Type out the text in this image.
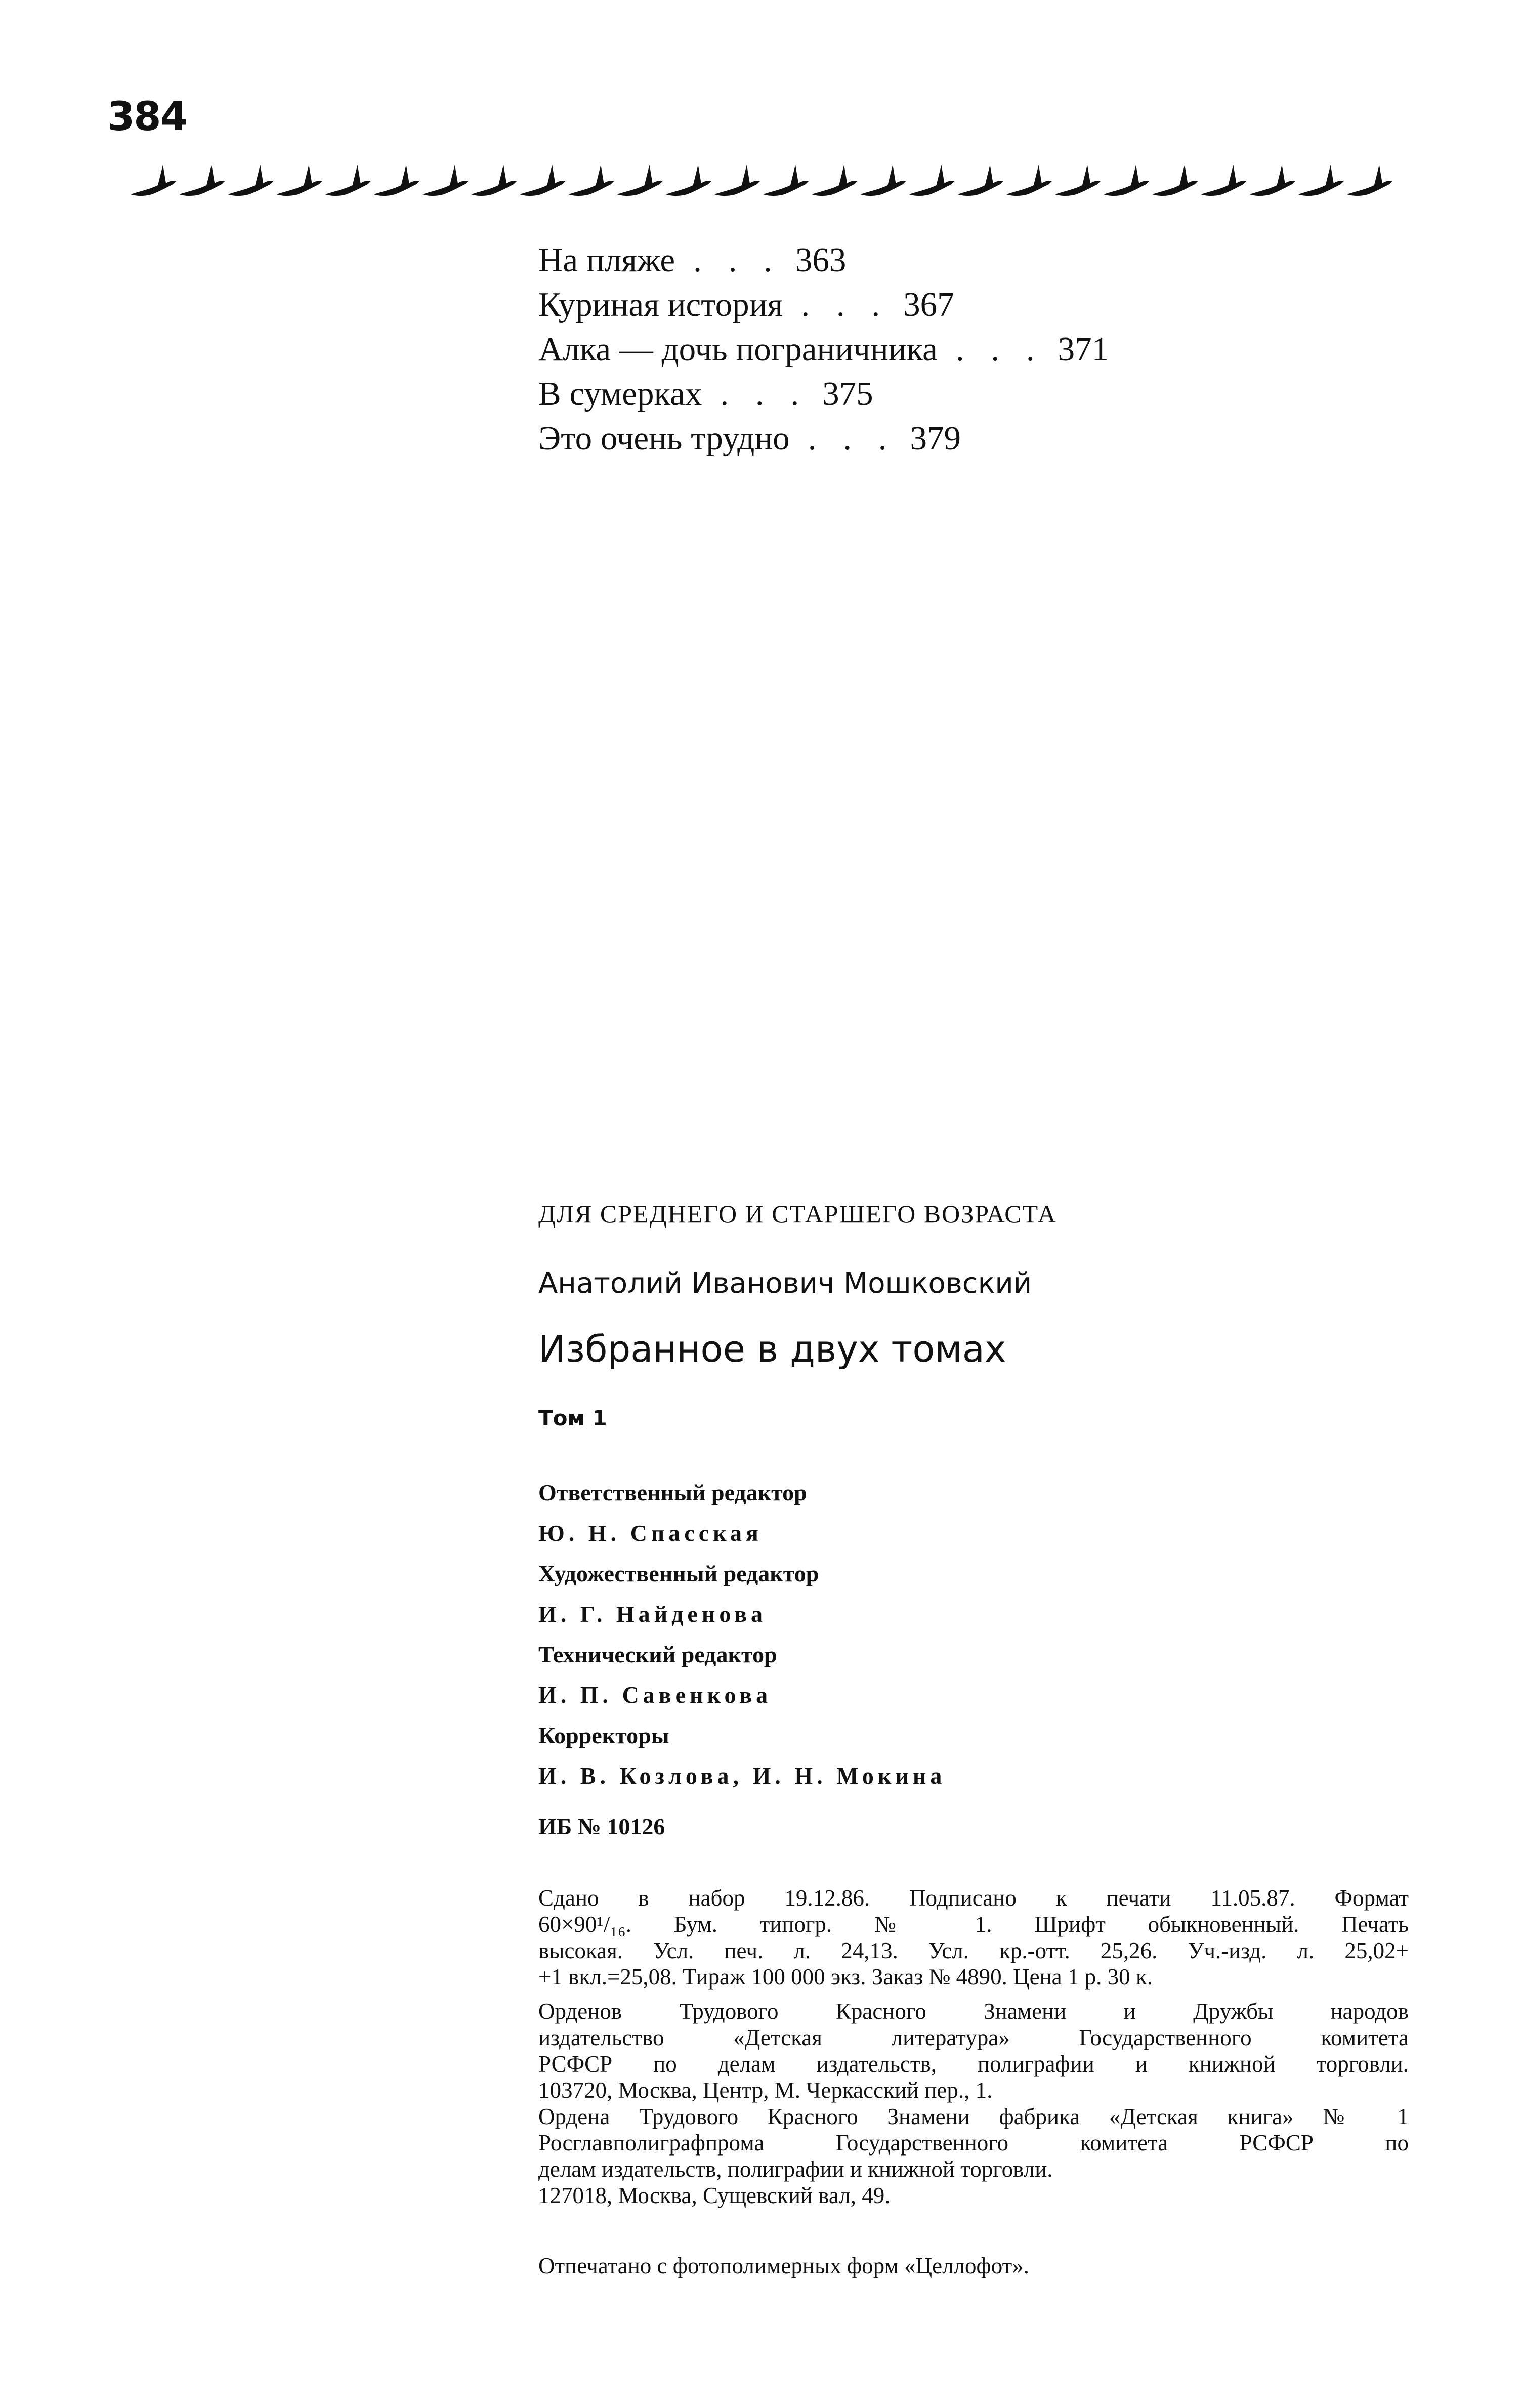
384
На пляже . . . 363
Куриная история . . . 367
Алка — дочь пограничника . . . 371
В сумерках . . . 375
Это очень трудно . . . 379
ДЛЯ СРЕДНЕГО И СТАРШЕГО ВОЗРАСТА
Анатолий Иванович Мошковский
Избранное в двух томах
Том 1
Ответственный редактор
Ю. Н. Спасская
Художественный редактор
И. Г. Найденова
Технический редактор
И. П. Савенкова
Корректоры
И. В. Козлова, И. Н. Мокина
ИБ № 10126
Сдано в набор 19.12.86. Подписано к печати 11.05.87. Формат
60×90¹/₁₆. Бум. типогр. № 1. Шрифт обыкновенный. Печать
высокая. Усл. печ. л. 24,13. Усл. кр.-отт. 25,26. Уч.-изд. л. 25,02+
+1 вкл.=25,08. Тираж 100 000 экз. Заказ № 4890. Цена 1 р. 30 к.
Орденов Трудового Красного Знамени и Дружбы народов
издательство «Детская литература» Государственного комитета
РСФСР по делам издательств, полиграфии и книжной торговли.
103720, Москва, Центр, М. Черкасский пер., 1.
Ордена Трудового Красного Знамени фабрика «Детская книга» № 1
Росглавполиграфпрома Государственного комитета РСФСР по
делам издательств, полиграфии и книжной торговли.
127018, Москва, Сущевский вал, 49.
Отпечатано с фотополимерных форм «Целлофот».
